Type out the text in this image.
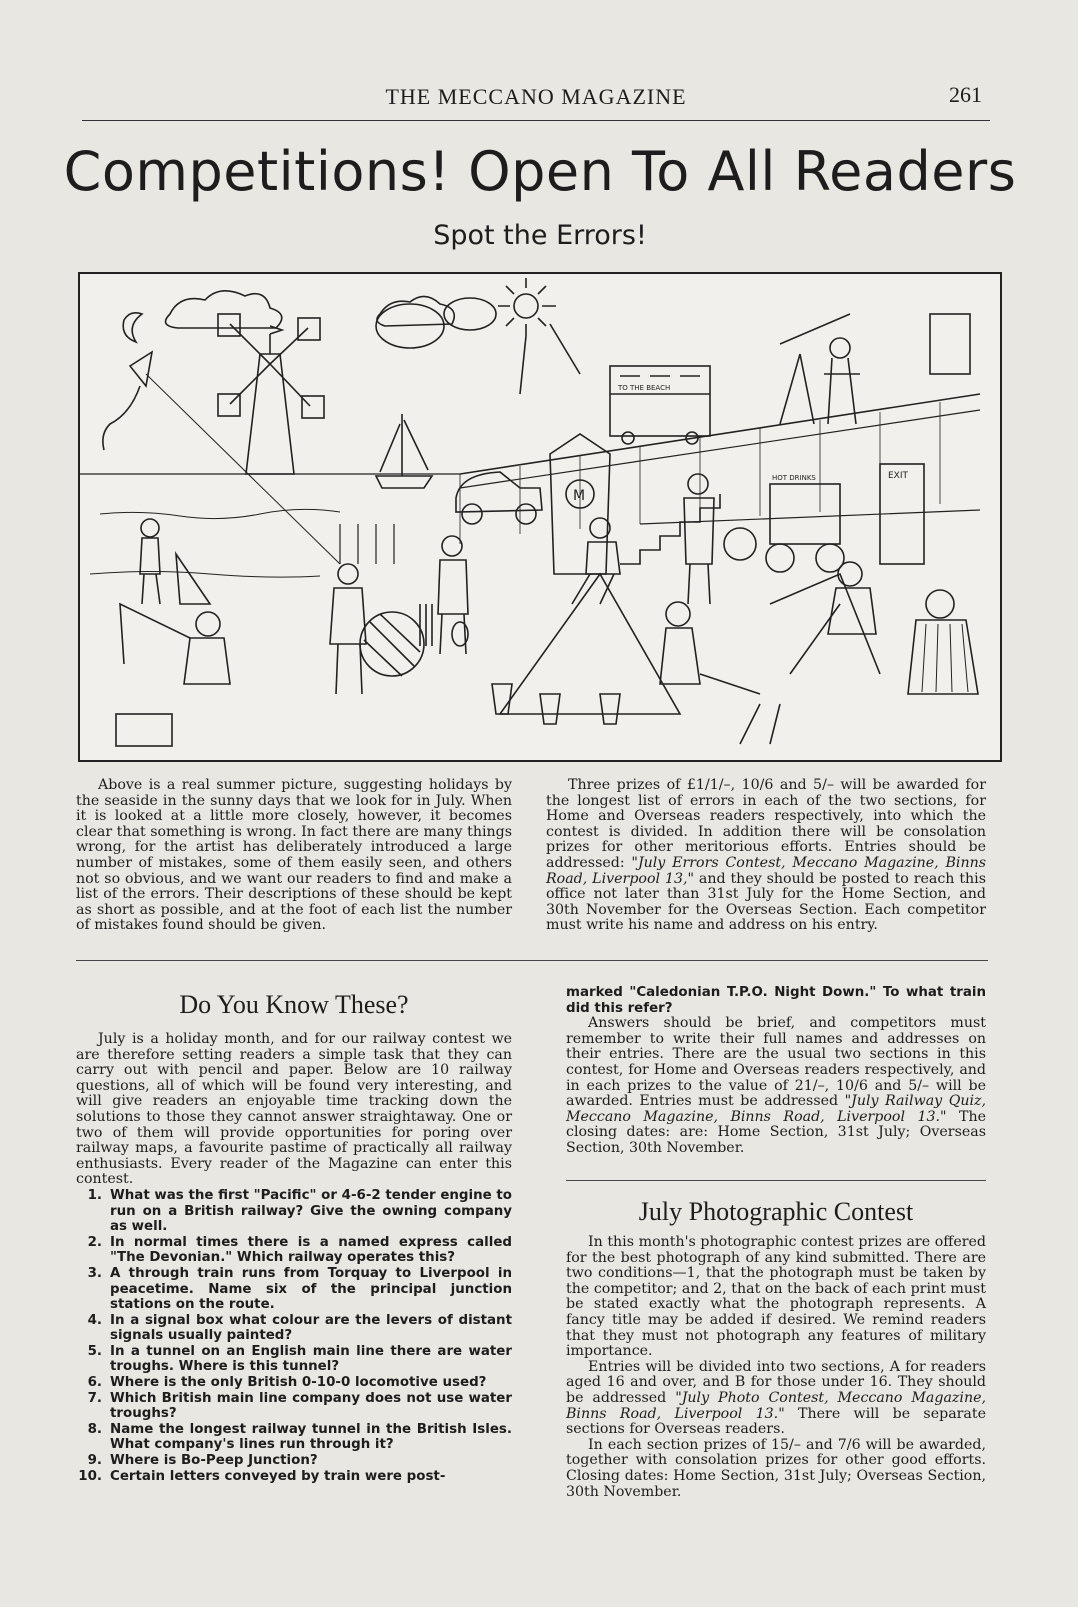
THE MECCANO MAGAZINE	261
Competitions! Open To All Readers
Spot the Errors!
M
TO THE BEACH
EXIT
HOT DRINKS

Above is a real summer picture, suggesting holidays by the seaside in the sunny days that we look for in July. When it is looked at a little more closely, however, it becomes clear that something is wrong. In fact there are many things wrong, for the artist has deliberately introduced a large number of mistakes, some of them easily seen, and others not so obvious, and we want our readers to find and make a list of the errors. Their descriptions of these should be kept as short as possible, and at the foot of each list the number of mistakes found should be given.

Three prizes of £1/1/–, 10/6 and 5/– will be awarded for the longest list of errors in each of the two sections, for Home and Overseas readers respectively, into which the contest is divided. In addition there will be consolation prizes for other meritorious efforts. Entries should be addressed: "July Errors Contest, Meccano Magazine, Binns Road, Liverpool 13," and they should be posted to reach this office not later than 31st July for the Home Section, and 30th November for the Overseas Section. Each competitor must write his name and address on his entry.

Do You Know These?

July is a holiday month, and for our railway contest we are therefore setting readers a simple task that they can carry out with pencil and paper. Below are 10 railway questions, all of which will be found very interesting, and will give readers an enjoyable time tracking down the solutions to those they cannot answer straightaway. One or two of them will provide opportunities for poring over railway maps, a favourite pastime of practically all railway enthusiasts. Every reader of the Magazine can enter this contest.

1. What was the first "Pacific" or 4-6-2 tender engine to run on a British railway? Give the owning company as well.
2. In normal times there is a named express called "The Devonian." Which railway operates this?
3. A through train runs from Torquay to Liverpool in peacetime. Name six of the principal junction stations on the route.
4. In a signal box what colour are the levers of distant signals usually painted?
5. In a tunnel on an English main line there are water troughs. Where is this tunnel?
6. Where is the only British 0-10-0 locomotive used?
7. Which British main line company does not use water troughs?
8. Name the longest railway tunnel in the British Isles. What company's lines run through it?
9. Where is Bo-Peep Junction?
10. Certain letters conveyed by train were post-

marked "Caledonian T.P.O. Night Down." To what train did this refer?

Answers should be brief, and competitors must remember to write their full names and addresses on their entries. There are the usual two sections in this contest, for Home and Overseas readers respectively, and in each prizes to the value of 21/–, 10/6 and 5/– will be awarded. Entries must be addressed "July Railway Quiz, Meccano Magazine, Binns Road, Liverpool 13." The closing dates: are: Home Section, 31st July; Overseas Section, 30th November.

July Photographic Contest

In this month's photographic contest prizes are offered for the best photograph of any kind submitted. There are two conditions—1, that the photograph must be taken by the competitor; and 2, that on the back of each print must be stated exactly what the photograph represents. A fancy title may be added if desired. We remind readers that they must not photograph any features of military importance.

Entries will be divided into two sections, A for readers aged 16 and over, and B for those under 16. They should be addressed "July Photo Contest, Meccano Magazine, Binns Road, Liverpool 13." There will be separate sections for Overseas readers.

In each section prizes of 15/– and 7/6 will be awarded, together with consolation prizes for other good efforts. Closing dates: Home Section, 31st July; Overseas Section, 30th November.
